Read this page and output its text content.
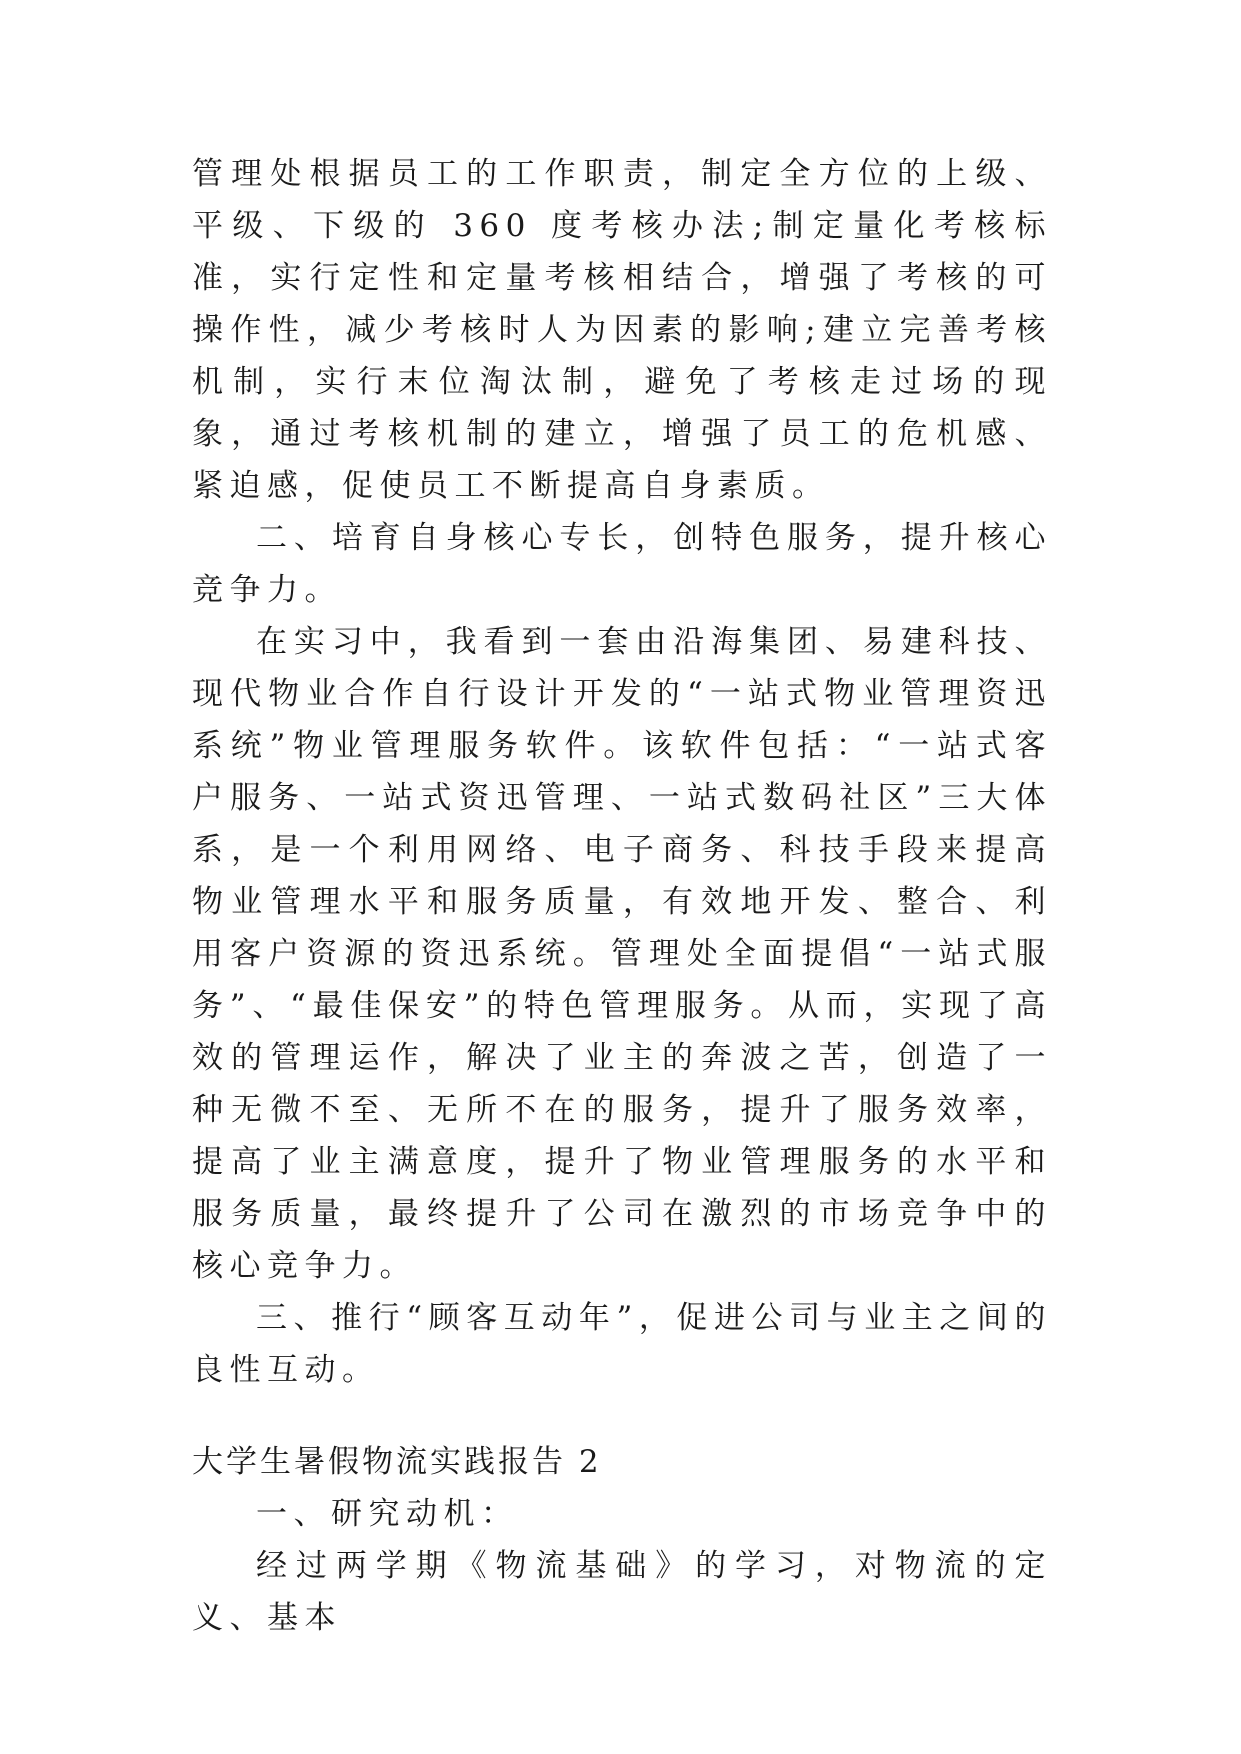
管理处根据员工的工作职责，制定全方位的上级、平级、下级的 360 度考核办法;制定量化考核标准，实行定性和定量考核相结合，增强了考核的可操作性，减少考核时人为因素的影响;建立完善考核机制，实行末位淘汰制，避免了考核走过场的现象，通过考核机制的建立，增强了员工的危机感、紧迫感，促使员工不断提高自身素质。

二、培育自身核心专长，创特色服务，提升核心竞争力。

在实习中，我看到一套由沿海集团、易建科技、现代物业合作自行设计开发的“一站式物业管理资迅系统”物业管理服务软件。该软件包括：“一站式客户服务、一站式资迅管理、一站式数码社区”三大体系，是一个利用网络、电子商务、科技手段来提高物业管理水平和服务质量，有效地开发、整合、利用客户资源的资迅系统。管理处全面提倡“一站式服务”、“最佳保安”的特色管理服务。从而，实现了高效的管理运作，解决了业主的奔波之苦，创造了一种无微不至、无所不在的服务，提升了服务效率，提高了业主满意度，提升了物业管理服务的水平和服务质量，最终提升了公司在激烈的市场竞争中的核心竞争力。

三、推行“顾客互动年”，促进公司与业主之间的良性互动。

大学生暑假物流实践报告 2

一、研究动机：

经过两学期《物流基础》的学习，对物流的定义、基本
